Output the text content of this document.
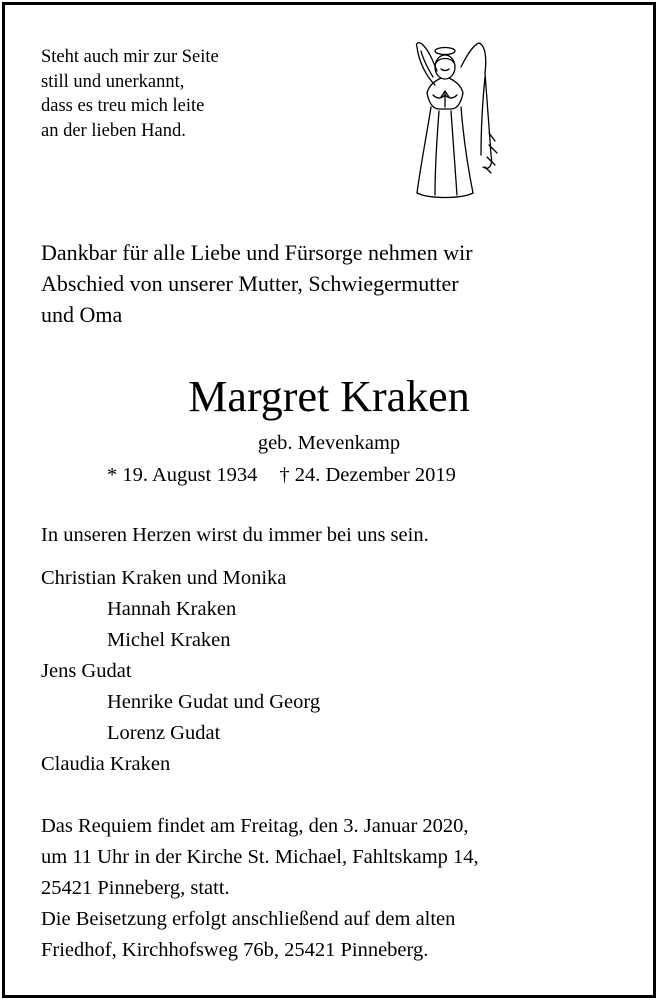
Steht auch mir zur Seite
still und unerkannt,
dass es treu mich leite
an der lieben Hand.
Dankbar für alle Liebe und Fürsorge nehmen wir
Abschied von unserer Mutter, Schwiegermutter
und Oma
Margret Kraken
geb. Mevenkamp
* 19. August 1934 † 24. Dezember 2019
In unseren Herzen wirst du immer bei uns sein.
Christian Kraken und Monika
Hannah Kraken
Michel Kraken
Jens Gudat
Henrike Gudat und Georg
Lorenz Gudat
Claudia Kraken
Das Requiem findet am Freitag, den 3. Januar 2020,
um 11 Uhr in der Kirche St. Michael, Fahltskamp 14,
25421 Pinneberg, statt.
Die Beisetzung erfolgt anschließend auf dem alten
Friedhof, Kirchhofsweg 76b, 25421 Pinneberg.
